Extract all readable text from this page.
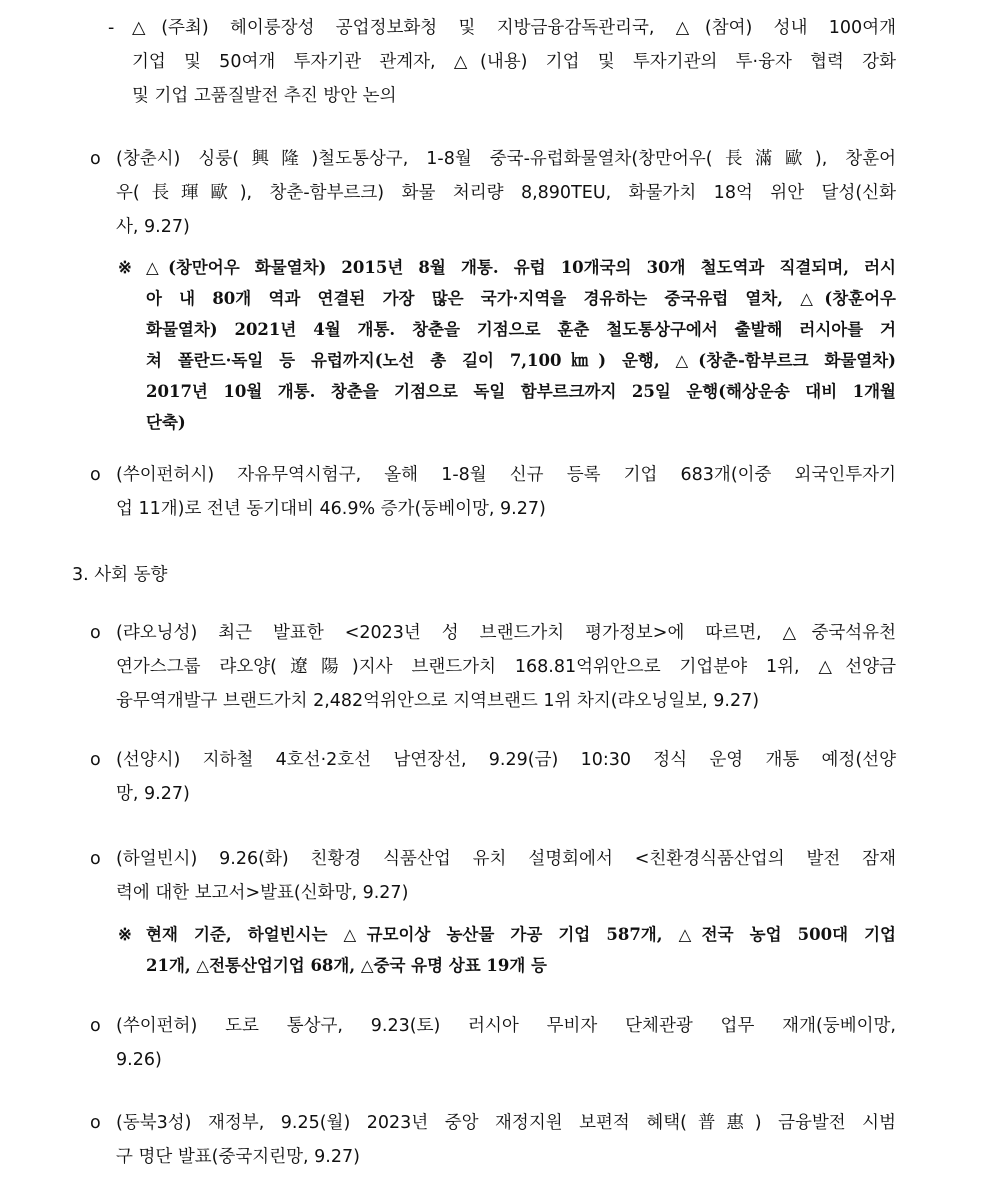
- △(주최) 헤이룽장성 공업정보화청 및 지방금융감독관리국, △(참여) 성내 100여개
기업 및 50여개 투자기관 관계자, △(내용) 기업 및 투자기관의 투·융자 협력 강화
및 기업 고품질발전 추진 방안 논의
o (창춘시) 싱룽(興隆)철도통상구, 1-8월 중국-유럽화물열차(창만어우(長滿歐), 창훈어
우(長琿歐), 창춘-함부르크) 화물 처리량 8,890TEU, 화물가치 18억 위안 달성(신화
사, 9.27)
※ △(창만어우 화물열차) 2015년 8월 개통. 유럽 10개국의 30개 철도역과 직결되며, 러시
아 내 80개 역과 연결된 가장 많은 국가·지역을 경유하는 중국유럽 열차, △(창훈어우
화물열차) 2021년 4월 개통. 창춘을 기점으로 훈춘 철도통상구에서 출발해 러시아를 거
쳐 폴란드·독일 등 유럽까지(노선 총 길이 7,100㎞) 운행, △(창춘-함부르크 화물열차)
2017년 10월 개통. 창춘을 기점으로 독일 함부르크까지 25일 운행(해상운송 대비 1개월
단축)
o (쑤이펀허시) 자유무역시험구, 올해 1-8월 신규 등록 기업 683개(이중 외국인투자기
업 11개)로 전년 동기대비 46.9% 증가(둥베이망, 9.27)
3. 사회 동향
o (랴오닝성) 최근 발표한 <2023년 성 브랜드가치 평가정보>에 따르면, △중국석유천
연가스그룹 랴오양(遼陽)지사 브랜드가치 168.81억위안으로 기업분야 1위, △선양금
융무역개발구 브랜드가치 2,482억위안으로 지역브랜드 1위 차지(랴오닝일보, 9.27)
o (선양시) 지하철 4호선·2호선 남연장선, 9.29(금) 10:30 정식 운영 개통 예정(선양
망, 9.27)
o (하얼빈시) 9.26(화) 친황경 식품산업 유치 설명회에서 <친환경식품산업의 발전 잠재
력에 대한 보고서>발표(신화망, 9.27)
※ 현재 기준, 하얼빈시는 △규모이상 농산물 가공 기업 587개, △전국 농업 500대 기업
21개, △전통산업기업 68개, △중국 유명 상표 19개 등
o (쑤이펀허) 도로 통상구, 9.23(토) 러시아 무비자 단체관광 업무 재개(둥베이망,
9.26)
o (동북3성) 재정부, 9.25(월) 2023년 중앙 재정지원 보편적 혜택(普惠) 금융발전 시범
구 명단 발표(중국지린망, 9.27)
